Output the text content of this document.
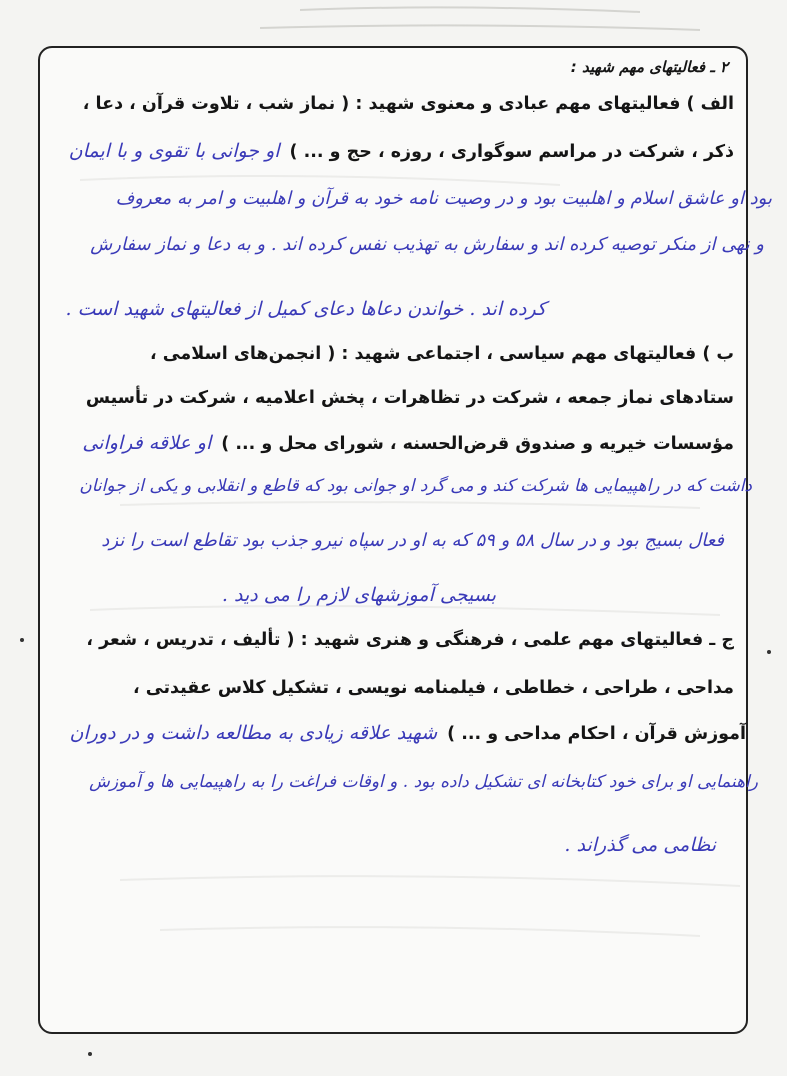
۲ ـ فعالیتهای مهم شهید :
الف ) فعالیتهای مهم عبادی و معنوی شهید : ( نماز شب ، تلاوت قرآن ، دعا ،
ذکر ، شرکت در مراسم سوگواری ، روزه ، حج و ... )او جوانی با تقوی و با ایمان
بود او عاشق اسلام و اهلبیت بود و در وصیت نامه خود به قرآن و اهلبیت و امر به معروف
و نهی از منکر توصیه کرده اند و سفارش به تهذیب نفس کرده اند . و به دعا و نماز سفارش
کرده اند . خواندن دعاها دعای کمیل از فعالیتهای شهید است .
ب ) فعالیتهای مهم سیاسی ، اجتماعی شهید : ( انجمن‌های اسلامی ،
ستادهای نماز جمعه ، شرکت در تظاهرات ، پخش اعلامیه ، شرکت در تأسیس
مؤسسات خیریه و صندوق قرض‌الحسنه ، شورای محل و ... )او علاقه فراوانی
داشت که در راهپیمایی ها شرکت کند و می گرد او جوانی بود که قاطع و انقلابی و یکی از جوانان
فعال بسیج بود و در سال ۵۸ و ۵۹ که به او در سپاه نیرو جذب بود تقاطع است را نزد
بسیجی آموزشهای لازم را می دید .
ج ـ فعالیتهای مهم علمی ، فرهنگی و هنری شهید : ( تألیف ، تدریس ، شعر ،
مداحی ، طراحی ، خطاطی ، فیلمنامه نویسی ، تشکیل کلاس عقیدتی ،
آموزش قرآن ، احکام مداحی و ... )شهید علاقه زیادی به مطالعه داشت و در دوران
راهنمایی او برای خود کتابخانه ای تشکیل داده بود . و اوقات فراغت را به راهپیمایی ها و آموزش
نظامی می گذراند .
